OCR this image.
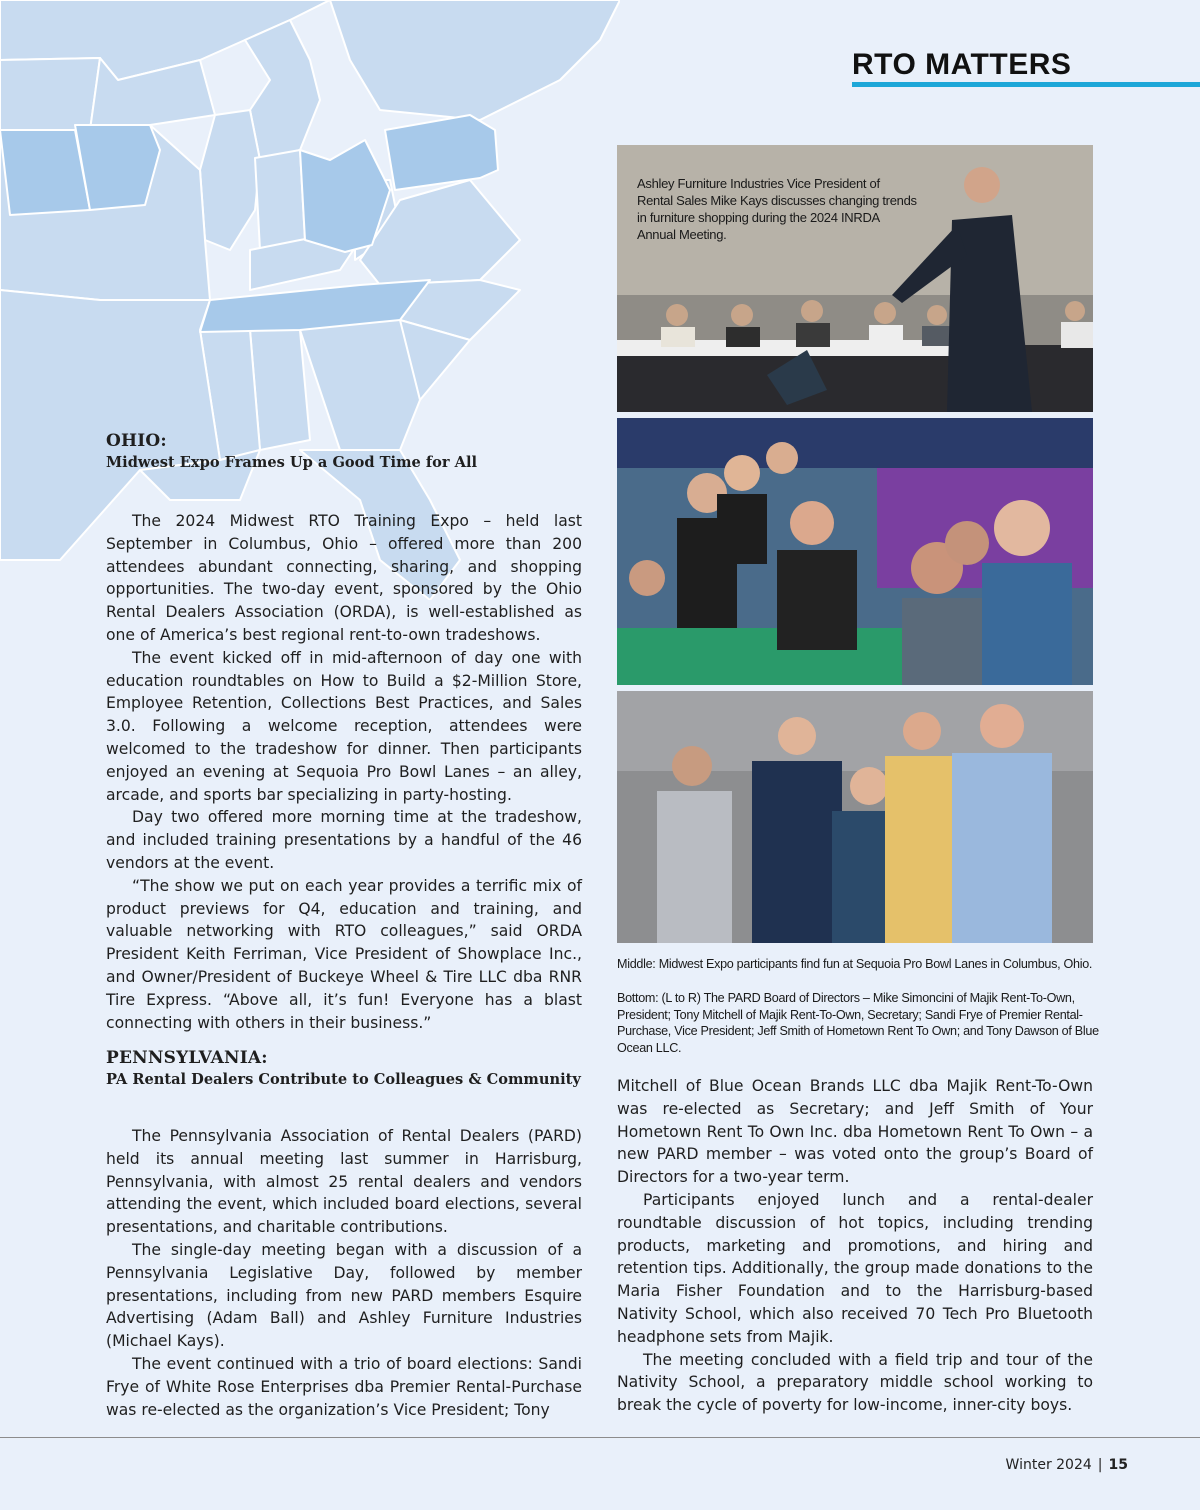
RTO MATTERS
OHIO:
Midwest Expo Frames Up a Good Time for All

The 2024 Midwest RTO Training Expo – held last September in Columbus, Ohio – offered more than 200 attendees abundant connecting, sharing, and shopping opportunities. The two-day event, sponsored by the Ohio Rental Dealers Association (ORDA), is well-established as one of America’s best regional rent-to-own tradeshows.

The event kicked off in mid-afternoon of day one with education roundtables on How to Build a $2-Million Store, Employee Retention, Collections Best Practices, and Sales 3.0. Following a welcome reception, attendees were welcomed to the tradeshow for dinner. Then participants enjoyed an evening at Sequoia Pro Bowl Lanes – an alley, arcade, and sports bar specializing in party-hosting.

Day two offered more morning time at the tradeshow, and included training presentations by a handful of the 46 vendors at the event.

“The show we put on each year provides a terrific mix of product previews for Q4, education and training, and valuable networking with RTO colleagues,” said ORDA President Keith Ferriman, Vice President of Showplace Inc., and Owner/President of Buckeye Wheel & Tire LLC dba RNR Tire Express. “Above all, it’s fun! Everyone has a blast connecting with others in their business.”

PENNSYLVANIA:
PA Rental Dealers Contribute to Colleagues & Community

The Pennsylvania Association of Rental Dealers (PARD) held its annual meeting last summer in Harrisburg, Pennsylvania, with almost 25 rental dealers and vendors attending the event, which included board elections, several presentations, and charitable contributions.

The single-day meeting began with a discussion of a Pennsylvania Legislative Day, followed by member presentations, including from new PARD members Esquire Advertising (Adam Ball) and Ashley Furniture Industries (Michael Kays).

The event continued with a trio of board elections: Sandi Frye of White Rose Enterprises dba Premier Rental-Purchase was re-elected as the organization’s Vice President; Tony

Ashley Furniture Industries Vice President of Rental Sales Mike Kays discusses changing trends in furniture shopping during the 2024 INRDA Annual Meeting.

Middle: Midwest Expo participants find fun at Sequoia Pro Bowl Lanes in Columbus, Ohio.

Bottom: (L to R) The PARD Board of Directors – Mike Simoncini of Majik Rent-To-Own, President; Tony Mitchell of Majik Rent-To-Own, Secretary; Sandi Frye of Premier Rental-Purchase, Vice President; Jeff Smith of Hometown Rent To Own; and Tony Dawson of Blue Ocean LLC.

Mitchell of Blue Ocean Brands LLC dba Majik Rent-To-Own was re-elected as Secretary; and Jeff Smith of Your Hometown Rent To Own Inc. dba Hometown Rent To Own – a new PARD member – was voted onto the group’s Board of Directors for a two-year term.

Participants enjoyed lunch and a rental-dealer roundtable discussion of hot topics, including trending products, marketing and promotions, and hiring and retention tips. Additionally, the group made donations to the Maria Fisher Foundation and to the Harrisburg-based Nativity School, which also received 70 Tech Pro Bluetooth headphone sets from Majik.

The meeting concluded with a field trip and tour of the Nativity School, a preparatory middle school working to break the cycle of poverty for low-income, inner-city boys.

Winter 2024 | 15
